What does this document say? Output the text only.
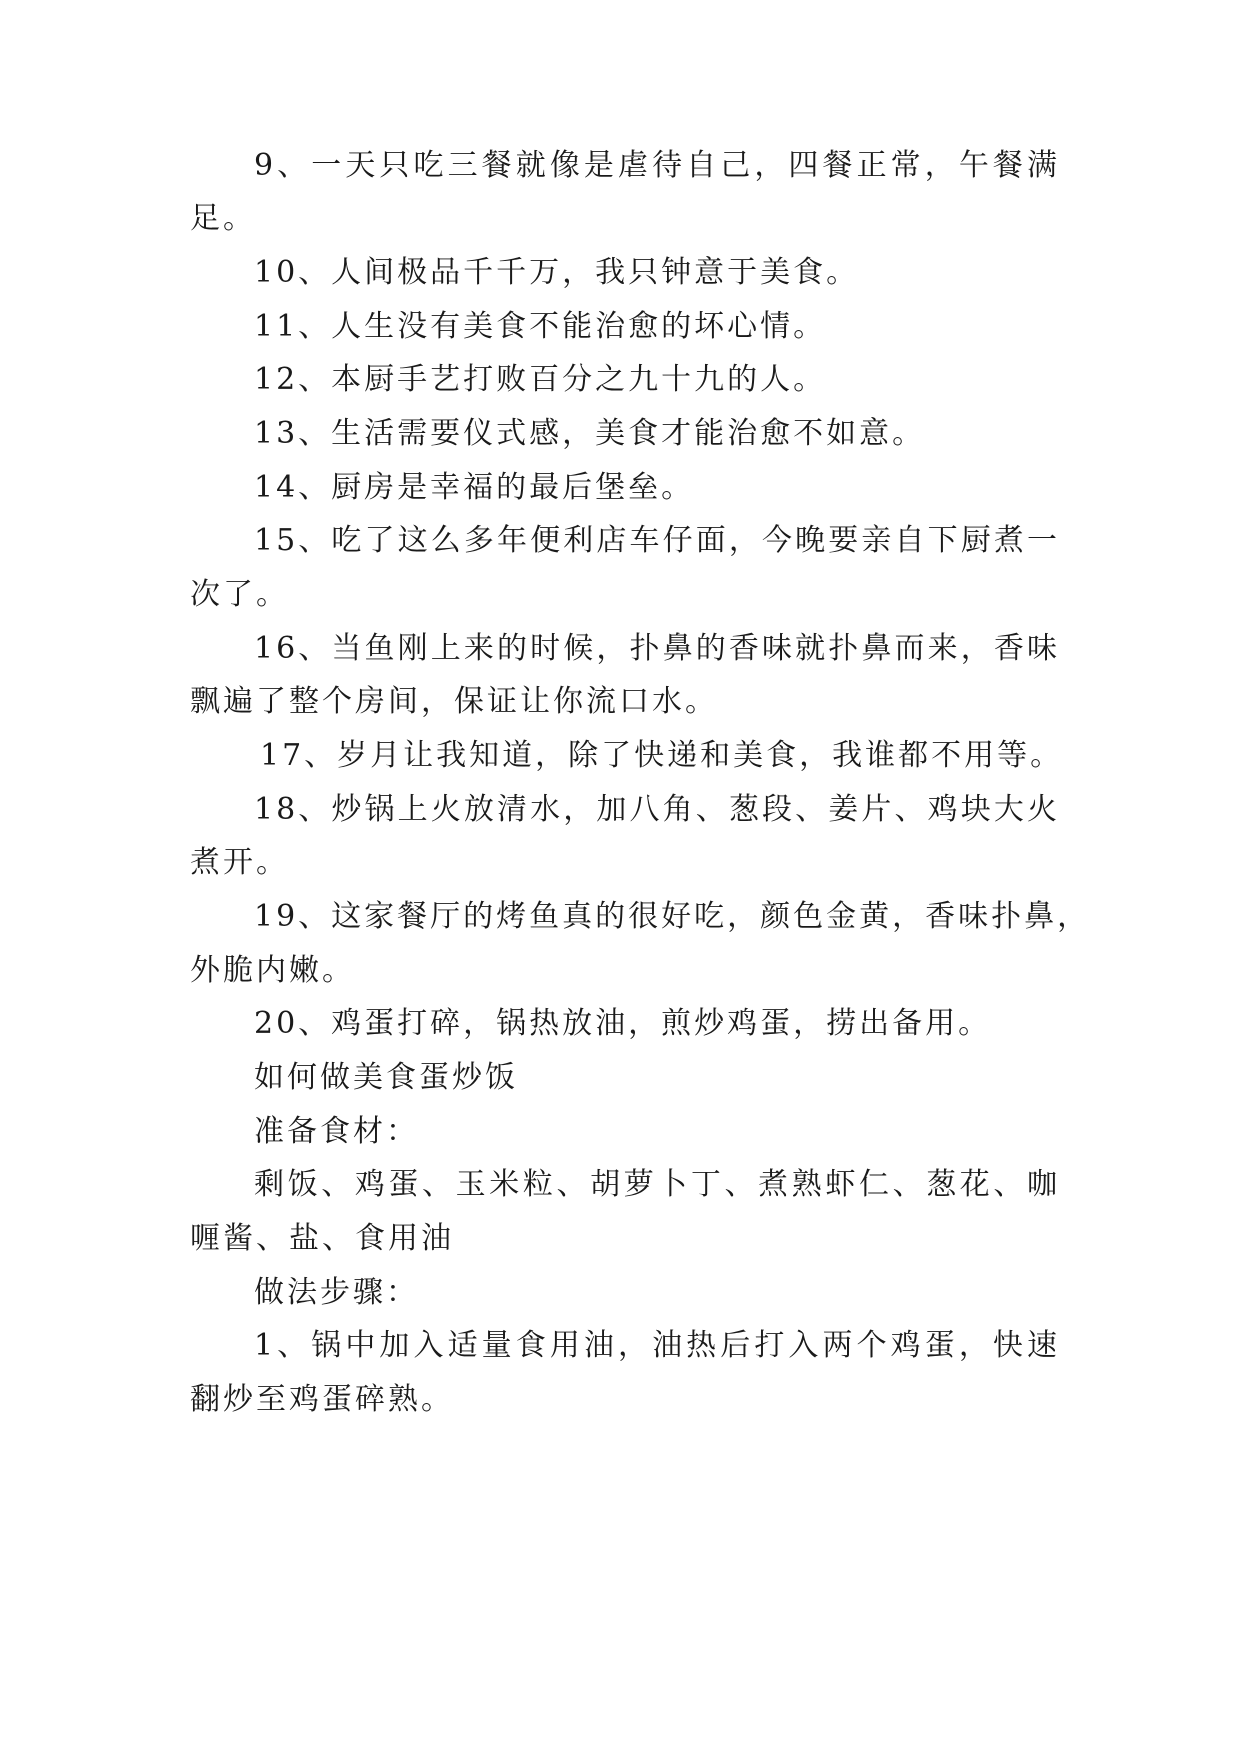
9、一天只吃三餐就像是虐待自己，四餐正常，午餐满
足。
10、人间极品千千万，我只钟意于美食。
11、人生没有美食不能治愈的坏心情。
12、本厨手艺打败百分之九十九的人。
13、生活需要仪式感，美食才能治愈不如意。
14、厨房是幸福的最后堡垒。
15、吃了这么多年便利店车仔面，今晚要亲自下厨煮一
次了。
16、当鱼刚上来的时候，扑鼻的香味就扑鼻而来，香味
飘遍了整个房间，保证让你流口水。
17、岁月让我知道，除了快递和美食，我谁都不用等。
18、炒锅上火放清水，加八角、葱段、姜片、鸡块大火
煮开。
19、这家餐厅的烤鱼真的很好吃，颜色金黄，香味扑鼻，
外脆内嫩。
20、鸡蛋打碎，锅热放油，煎炒鸡蛋，捞出备用。
如何做美食蛋炒饭
准备食材：
剩饭、鸡蛋、玉米粒、胡萝卜丁、煮熟虾仁、葱花、咖
喱酱、盐、食用油
做法步骤：
1、锅中加入适量食用油，油热后打入两个鸡蛋，快速
翻炒至鸡蛋碎熟。
